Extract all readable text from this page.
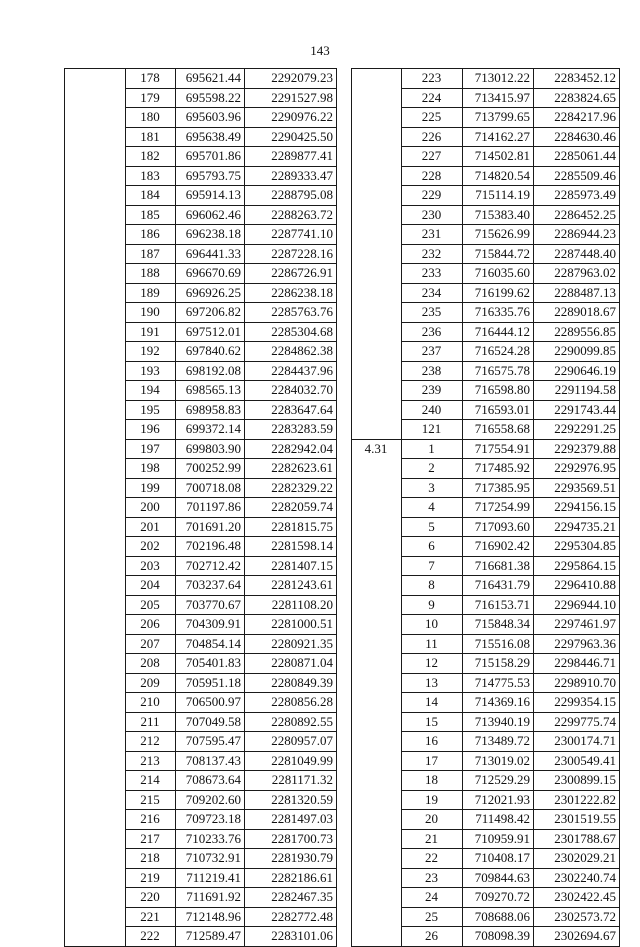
143
	178	695621.44	2292079.23
	179	695598.22	2291527.98
	180	695603.96	2290976.22
	181	695638.49	2290425.50
	182	695701.86	2289877.41
	183	695793.75	2289333.47
	184	695914.13	2288795.08
	185	696062.46	2288263.72
	186	696238.18	2287741.10
	187	696441.33	2287228.16
	188	696670.69	2286726.91
	189	696926.25	2286238.18
	190	697206.82	2285763.76
	191	697512.01	2285304.68
	192	697840.62	2284862.38
	193	698192.08	2284437.96
	194	698565.13	2284032.70
	195	698958.83	2283647.64
	196	699372.14	2283283.59
	197	699803.90	2282942.04
	198	700252.99	2282623.61
	199	700718.08	2282329.22
	200	701197.86	2282059.74
	201	701691.20	2281815.75
	202	702196.48	2281598.14
	203	702712.42	2281407.15
	204	703237.64	2281243.61
	205	703770.67	2281108.20
	206	704309.91	2281000.51
	207	704854.14	2280921.35
	208	705401.83	2280871.04
	209	705951.18	2280849.39
	210	706500.97	2280856.28
	211	707049.58	2280892.55
	212	707595.47	2280957.07
	213	708137.43	2281049.99
	214	708673.64	2281171.32
	215	709202.60	2281320.59
	216	709723.18	2281497.03
	217	710233.76	2281700.73
	218	710732.91	2281930.79
	219	711219.41	2282186.61
	220	711691.92	2282467.35
	221	712148.96	2282772.48
	222	712589.47	2283101.06
	223	713012.22	2283452.12
	224	713415.97	2283824.65
	225	713799.65	2284217.96
	226	714162.27	2284630.46
	227	714502.81	2285061.44
	228	714820.54	2285509.46
	229	715114.19	2285973.49
	230	715383.40	2286452.25
	231	715626.99	2286944.23
	232	715844.72	2287448.40
	233	716035.60	2287963.02
	234	716199.62	2288487.13
	235	716335.76	2289018.67
	236	716444.12	2289556.85
	237	716524.28	2290099.85
	238	716575.78	2290646.19
	239	716598.80	2291194.58
	240	716593.01	2291743.44
	121	716558.68	2292291.25
4.31	1	717554.91	2292379.88
	2	717485.92	2292976.95
	3	717385.95	2293569.51
	4	717254.99	2294156.15
	5	717093.60	2294735.21
	6	716902.42	2295304.85
	7	716681.38	2295864.15
	8	716431.79	2296410.88
	9	716153.71	2296944.10
	10	715848.34	2297461.97
	11	715516.08	2297963.36
	12	715158.29	2298446.71
	13	714775.53	2298910.70
	14	714369.16	2299354.15
	15	713940.19	2299775.74
	16	713489.72	2300174.71
	17	713019.02	2300549.41
	18	712529.29	2300899.15
	19	712021.93	2301222.82
	20	711498.42	2301519.55
	21	710959.91	2301788.67
	22	710408.17	2302029.21
	23	709844.63	2302240.74
	24	709270.72	2302422.45
	25	708688.06	2302573.72
	26	708098.39	2302694.67
